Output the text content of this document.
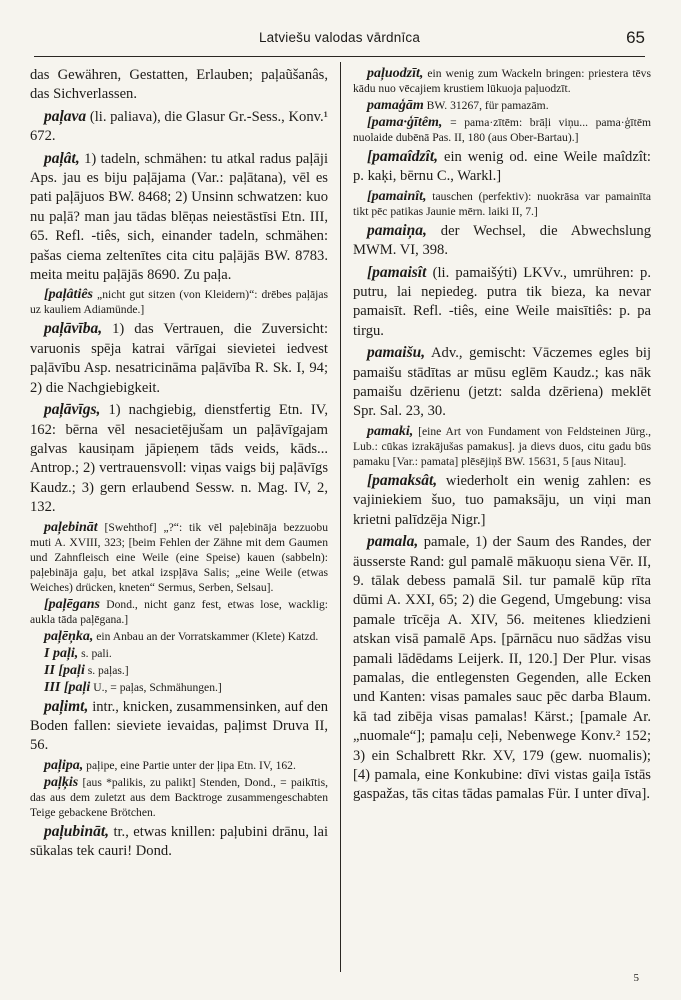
Latviešu valodas vārdnīca	65

das Gewähren, Gestatten, Erlauben; paļaũšanâs, das Sichverlassen.

paļava (li. paliava), die Glasur Gr.-Sess., Konv.¹ 672.

paļât, 1) tadeln, schmähen: tu atkal radus paļāji Aps. jau es biju paļājama (Var.: paļātana), vēl es pati paļājuos BW. 8468; 2) Unsinn schwatzen: kuo nu paļā? man jau tādas blēņas neiestāstīsi Etn. III, 65. Refl. -tiês, sich, einander tadeln, schmähen: pašas ciema zeltenītes cita citu paļājās BW. 8783. meita meitu paļājās 8690. Zu paļa.

[paļâtiês „nicht gut sitzen (von Kleidern)“: drēbes paļājas uz kauliem Adiamünde.]

paļāvība, 1) das Vertrauen, die Zuversicht: varuonis spēja katrai vārīgai sievietei iedvest paļāvību Asp. nesatricināma paļāvība R. Sk. I, 94; 2) die Nachgiebigkeit.

paļāvīgs, 1) nachgiebig, dienstfertig Etn. IV, 162: bērna vēl nesacietējušam un paļāvīgajam galvas kausiņam jāpieņem tāds veids, kāds... Antrop.; 2) vertrauensvoll: viņas vaigs bij paļāvīgs Kaudz.; 3) gern erlaubend Sessw. n. Mag. IV, 2, 132.

paļebināt [Swehthof] „?“: tik vēl paļebināja bezzuobu muti A. XVIII, 323; [beim Fehlen der Zähne mit dem Gaumen und Zahnfleisch eine Weile (eine Speise) kauen (sabbeln): paļebināja gaļu, bet atkal izspļāva Salis; „eine Weile (etwas Weiches) drücken, kneten“ Sermus, Serben, Selsau].

[paļēgans Dond., nicht ganz fest, etwas lose, wacklig: aukla tāda paļēgana.]

paļēņka, ein Anbau an der Vorratskammer (Klete) Katzd.

I paļi, s. pali.

II [paļi s. paļas.]

III [paļi U., = paļas, Schmähungen.]

paļimt, intr., knicken, zusammensinken, auf den Boden fallen: sieviete ievaidas, paļimst Druva II, 56.

paļipa, paļipe, eine Partie unter der ļipa Etn. IV, 162.

paļķis [aus *palikis, zu palikt] Stenden, Dond., = paikītis, das aus dem zuletzt aus dem Backtroge zusammengeschabten Teige gebackene Brötchen.

paļubināt, tr., etwas knillen: paļubini drānu, lai sūkalas tek cauri! Dond.

paļuodzīt, ein wenig zum Wackeln bringen: priestera tēvs kādu nuo vēcajiem krustiem lūkuoja paļuodzīt.

pamaģām BW. 31267, für pamazām.

[pama·ģītêm, = pama·zītēm: brāļi viņu... pama·ģītēm nuolaide dubēnā Pas. II, 180 (aus Ober-Bartau).]

[pamaîdzît, ein wenig od. eine Weile maîdzît: p. kaķi, bērnu C., Warkl.]

[pamainît, tauschen (perfektiv): nuokrāsa var pamainīta tikt pēc patikas Jaunie mērn. laiki II, 7.]

pamaiņa, der Wechsel, die Abwechslung MWM. VI, 398.

[pamaisît (li. pamaišýti) LKVv., umrühren: p. putru, lai nepiedeg. putra tik bieza, ka nevar pamaisīt. Refl. -tiês, eine Weile maisītiês: p. pa tirgu.

pamaišu, Adv., gemischt: Vāczemes egles bij pamaišu stādītas ar mūsu eglēm Kaudz.; kas nāk pamaišu dzērienu (jetzt: salda dzēriena) meklēt Spr. Sal. 23, 30.

pamaki, [eine Art von Fundament von Feldsteinen Jürg., Lub.: cūkas izrakājušas pamakus]. ja dievs duos, citu gadu būs pamaku [Var.: pamata] plēsējiņš BW. 15631, 5 [aus Nitau].

[pamaksât, wiederholt ein wenig zahlen: es vajiniekiem šuo, tuo pamaksāju, un viņi man krietni palīdzēja Nigr.]

pamala, pamale, 1) der Saum des Randes, der äusserste Rand: gul pamalē mākuoņu siena Vēr. II, 9. tālak debess pamalā Sil. tur pamalē kūp rīta dūmi A. XXI, 65; 2) die Gegend, Umgebung: visa pamale trīcēja A. XIV, 56. meitenes kliedzieni atskan visā pamalē Aps. [pārnācu nuo sādžas visu pamali lādēdams Leijerk. II, 120.] Der Plur. visas pamalas, die entlegensten Gegenden, alle Ecken und Kanten: visas pamales sauc pēc darba Blaum. kā tad zibēja visas pamalas! Kärst.; [pamale Ar. „nuomale“]; pamaļu ceļi, Nebenwege Konv.² 152; 3) ein Schalbrett Rkr. XV, 179 (gew. nuomalis); [4) pamala, eine Konkubine: dīvi vistas gaiļa īstās gaspažas, tās citas tādas pamalas Für. I unter dīva].

5
